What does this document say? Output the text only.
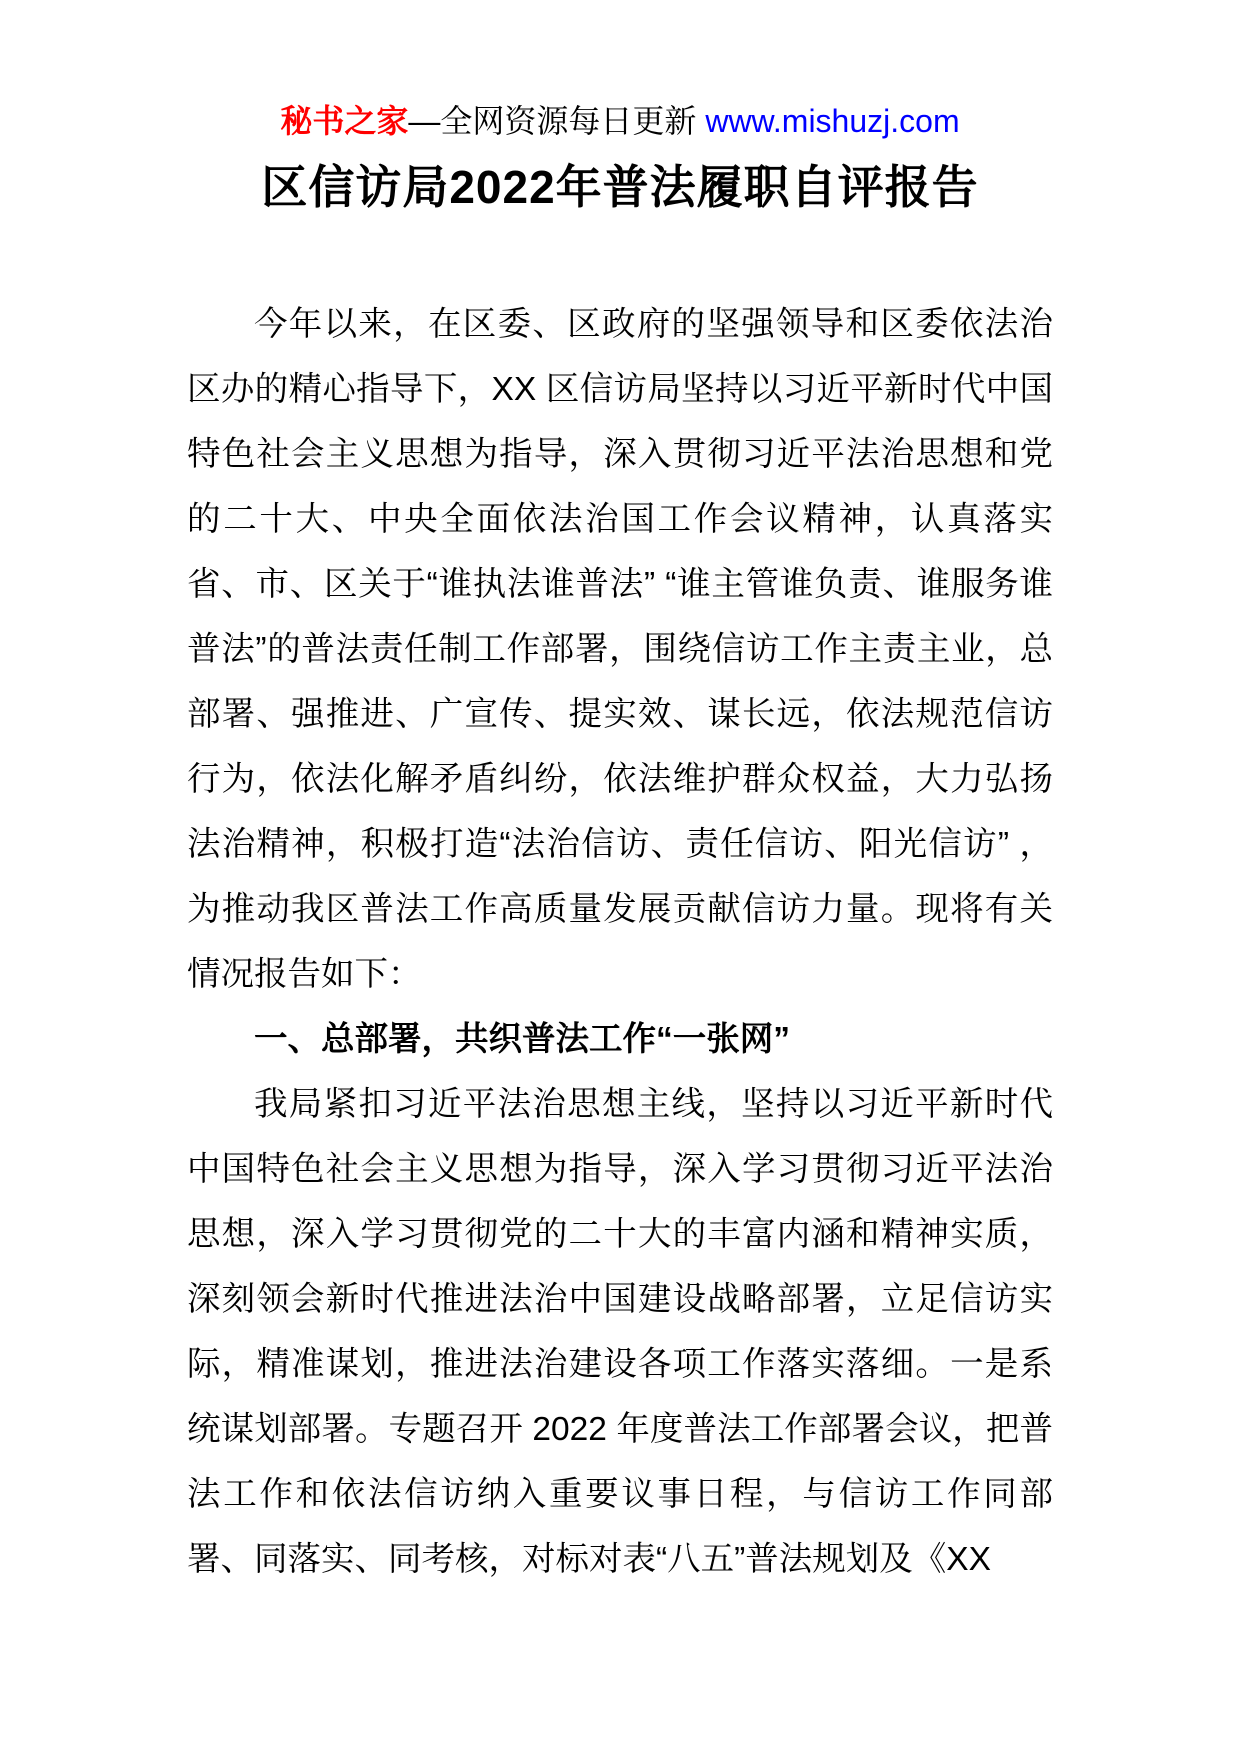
秘书之家—全网资源每日更新 www.mishuzj.com
区信访局2022年普法履职自评报告

今年以来，在区委、区政府的坚强领导和区委依法治区办的精心指导下，XX 区信访局坚持以习近平新时代中国特色社会主义思想为指导，深入贯彻习近平法治思想和党的二十大、中央全面依法治国工作会议精神，认真落实省、市、区关于“谁执法谁普法” “谁主管谁负责、谁服务谁普法”的普法责任制工作部署，围绕信访工作主责主业，总部署、强推进、广宣传、提实效、谋长远，依法规范信访行为，依法化解矛盾纠纷，依法维护群众权益，大力弘扬法治精神，积极打造“法治信访、责任信访、阳光信访” ，为推动我区普法工作高质量发展贡献信访力量。现将有关情况报告如下：

一、总部署，共织普法工作“一张网”

我局紧扣习近平法治思想主线，坚持以习近平新时代中国特色社会主义思想为指导，深入学习贯彻习近平法治思想，深入学习贯彻党的二十大的丰富内涵和精神实质，深刻领会新时代推进法治中国建设战略部署，立足信访实际，精准谋划，推进法治建设各项工作落实落细。一是系统谋划部署。专题召开 2022 年度普法工作部署会议，把普法工作和依法信访纳入重要议事日程，与信访工作同部署、同落实、同考核，对标对表“八五”普法规划及《XX
